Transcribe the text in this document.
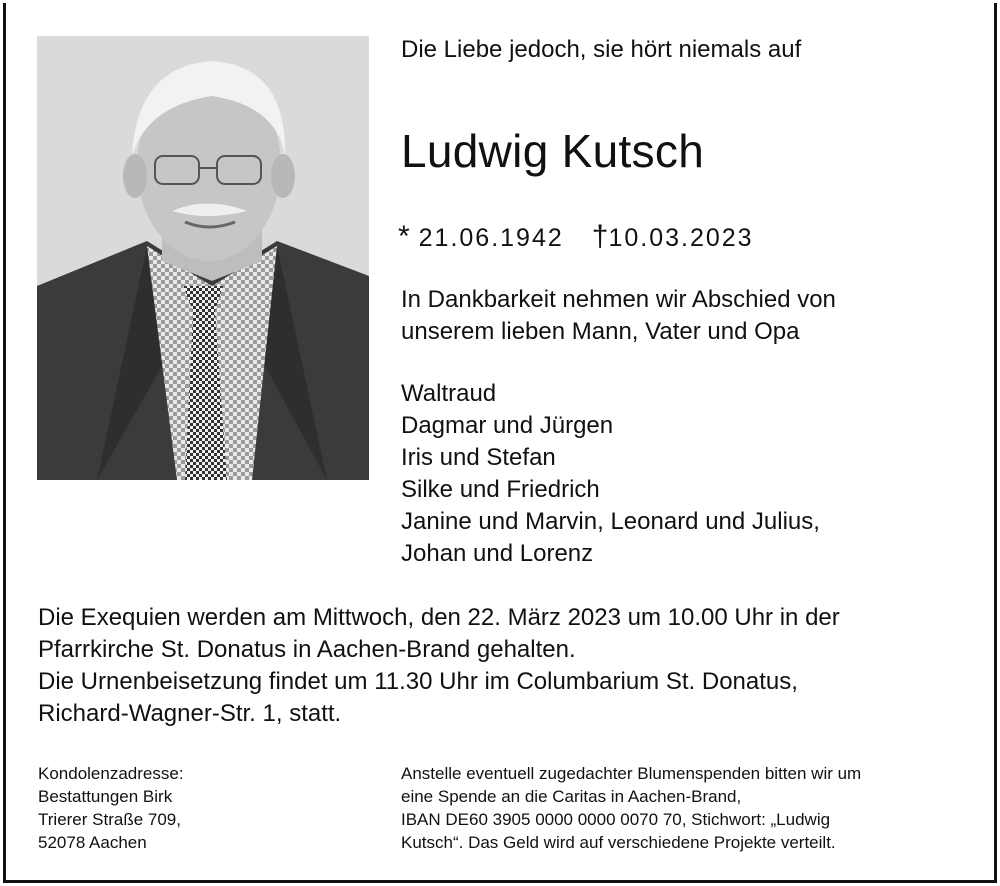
Die Liebe jedoch, sie hört niemals auf
Ludwig Kutsch
* 21.06.1942 †10.03.2023
In Dankbarkeit nehmen wir Abschied von
unserem lieben Mann, Vater und Opa
Waltraud
Dagmar und Jürgen
Iris und Stefan
Silke und Friedrich
Janine und Marvin, Leonard und Julius,
Johan und Lorenz
Die Exequien werden am Mittwoch, den 22. März 2023 um 10.00 Uhr in der
Pfarrkirche St. Donatus in Aachen-Brand gehalten.
Die Urnenbeisetzung findet um 11.30 Uhr im Columbarium St. Donatus,
Richard-Wagner-Str. 1, statt.
Kondolenzadresse:
Bestattungen Birk
Trierer Straße 709,
52078 Aachen
Anstelle eventuell zugedachter Blumenspenden bitten wir um
eine Spende an die Caritas in Aachen-Brand,
IBAN DE60 3905 0000 0000 0070 70, Stichwort: „Ludwig
Kutsch“. Das Geld wird auf verschiedene Projekte verteilt.
